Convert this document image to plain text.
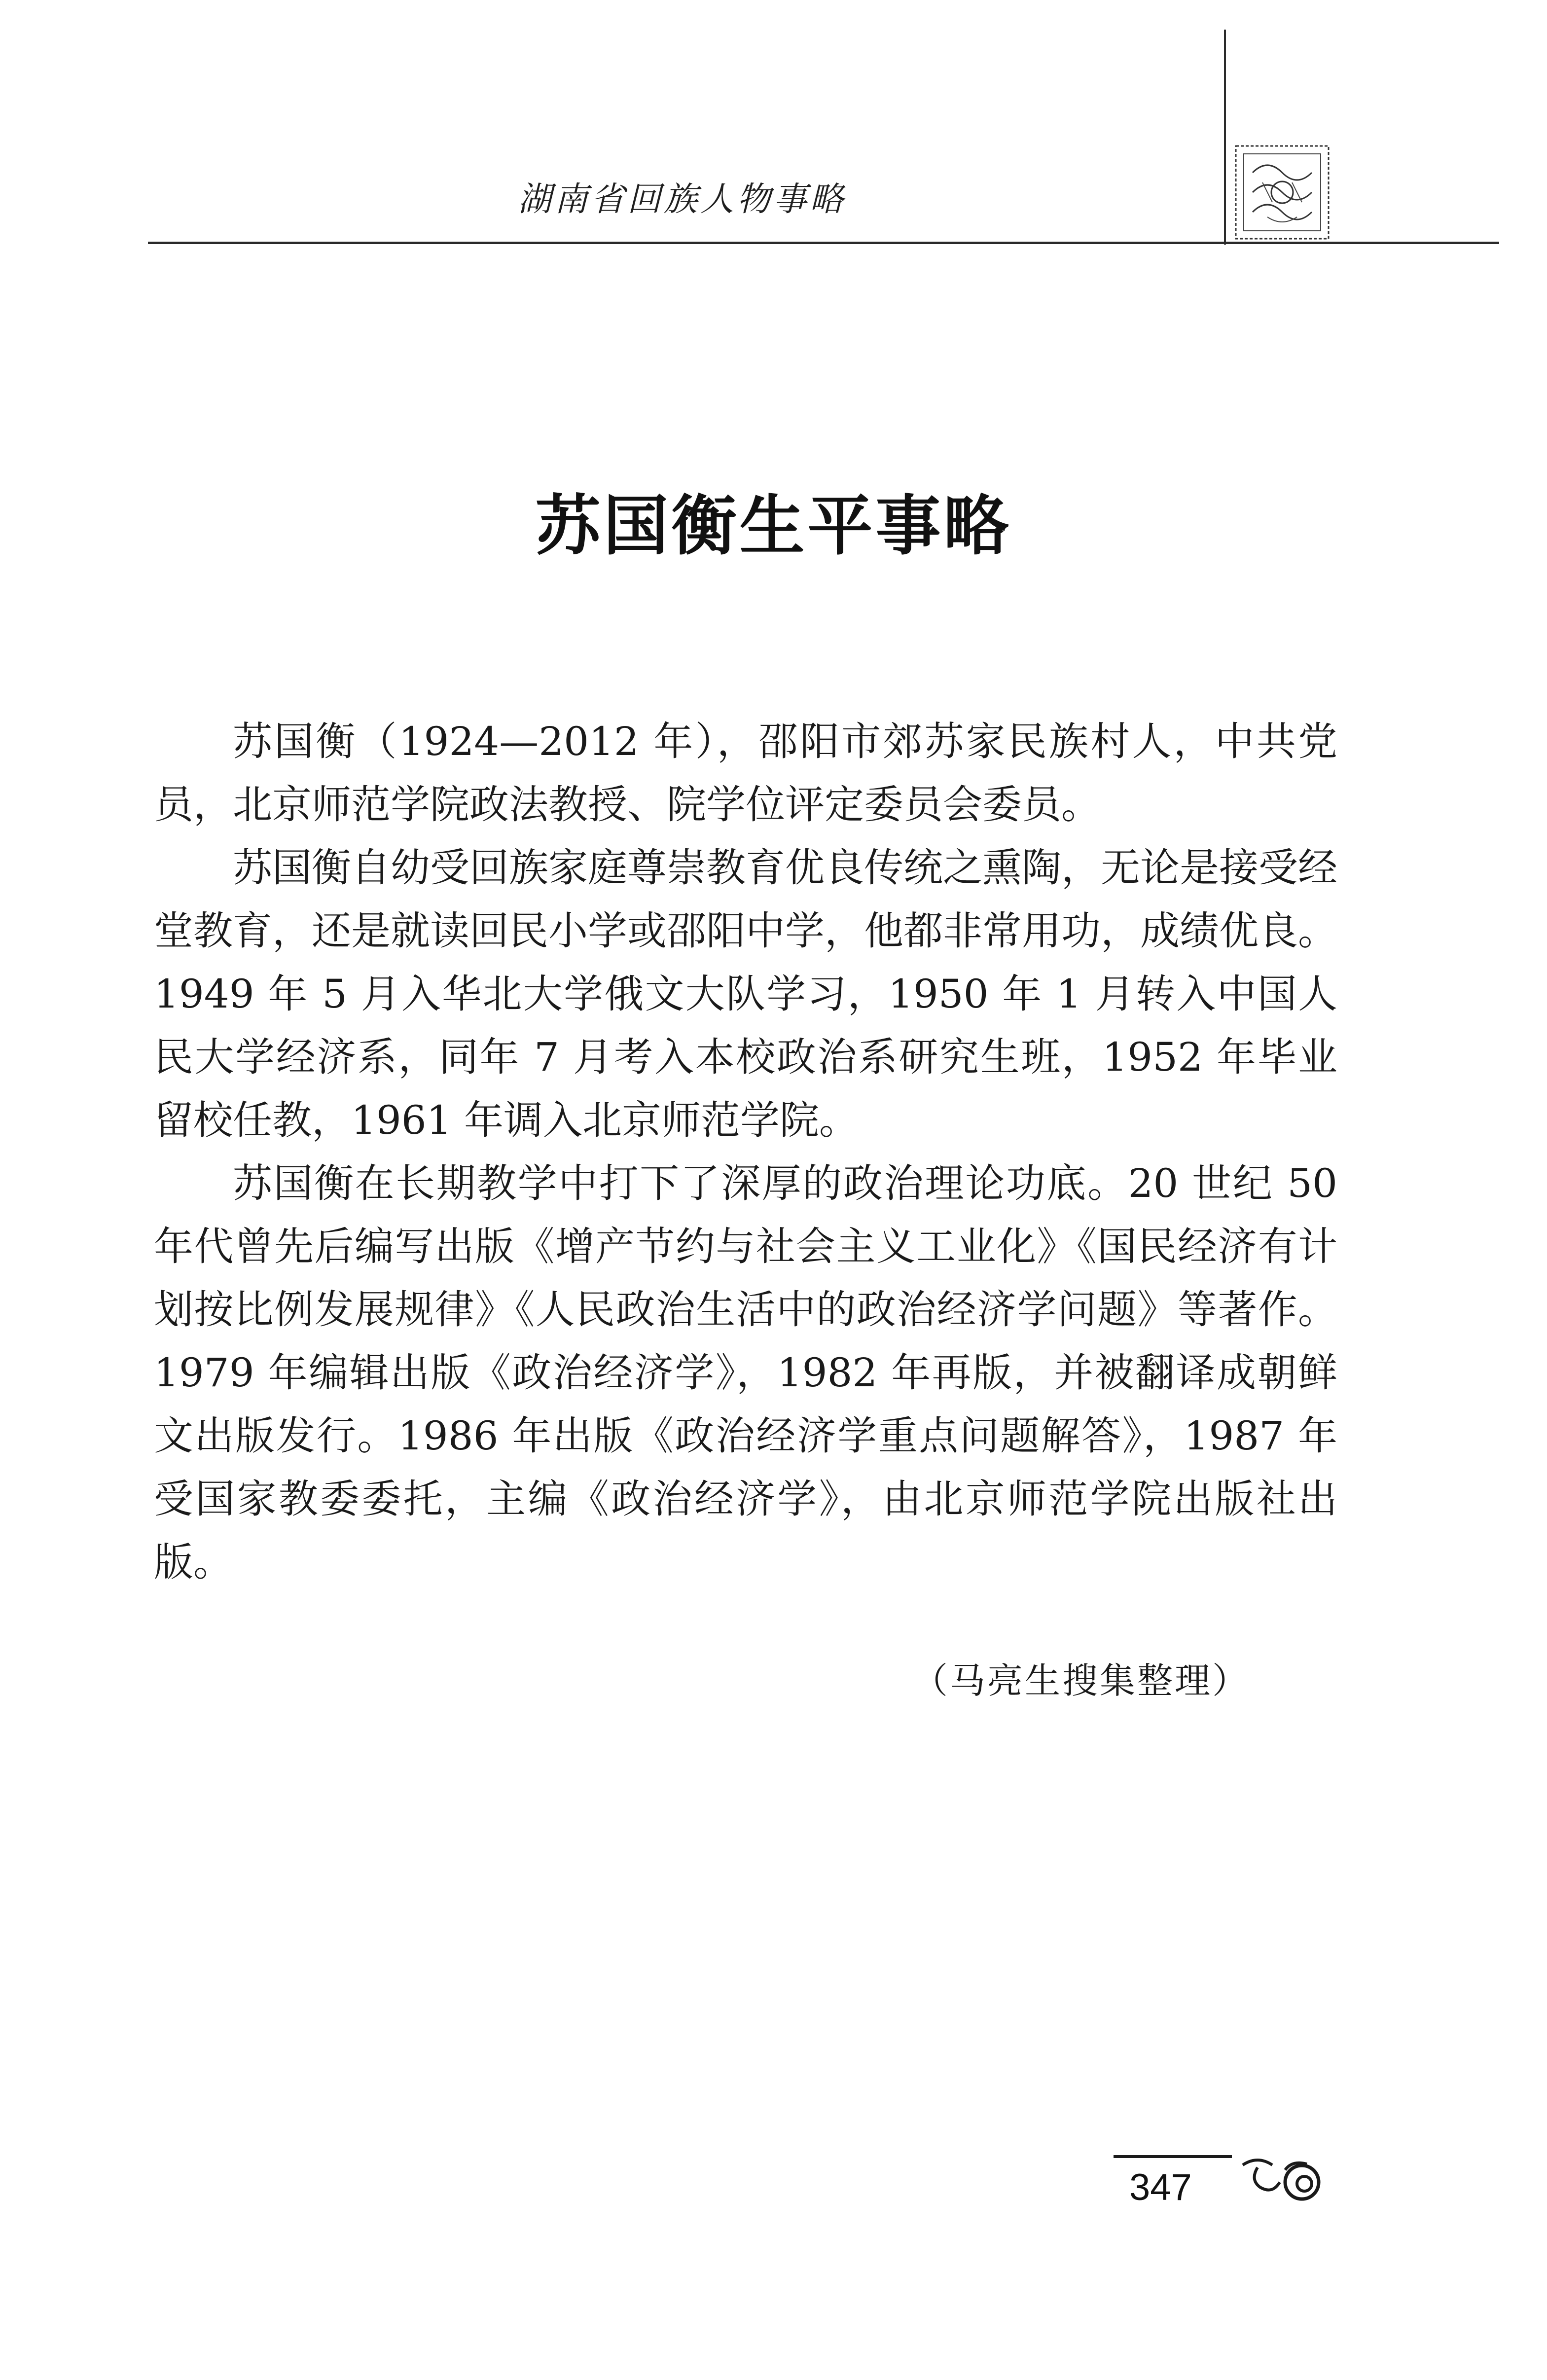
湖南省回族人物事略
苏国衡生平事略

苏国衡（1924—2012 年），邵阳市郊苏家民族村人，中共党员，北京师范学院政法教授、院学位评定委员会委员。

苏国衡自幼受回族家庭尊崇教育优良传统之熏陶，无论是接受经堂教育，还是就读回民小学或邵阳中学，他都非常用功，成绩优良。1949 年 5 月入华北大学俄文大队学习，1950 年 1 月转入中国人民大学经济系，同年 7 月考入本校政治系研究生班，1952 年毕业留校任教，1961 年调入北京师范学院。

苏国衡在长期教学中打下了深厚的政治理论功底。20 世纪 50 年代曾先后编写出版《增产节约与社会主义工业化》《国民经济有计划按比例发展规律》《人民政治生活中的政治经济学问题》等著作。1979 年编辑出版《政治经济学》，1982 年再版，并被翻译成朝鲜文出版发行。1986 年出版《政治经济学重点问题解答》，1987 年受国家教委委托，主编《政治经济学》，由北京师范学院出版社出版。

（马亮生搜集整理）
347
